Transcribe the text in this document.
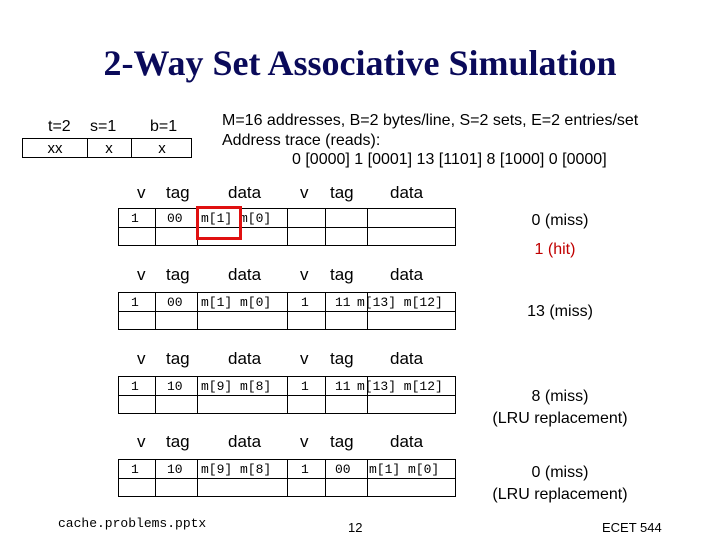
2-Way Set Associative Simulation
t=2 s=1 b=1
xx	x	x
M=16 addresses, B=2 bytes/line, S=2 sets, E=2 entries/set
Address trace (reads):
0 [0000] 1 [0001] 13 [1101] 8 [1000] 0 [0000]
v tag data v tag data
1 00 m[1] m[0]	0 (miss)
1 (hit)
v tag data v tag data
1 00 m[1] m[0] 1 11 m[13] m[12]
13 (miss)
v tag data v tag data
1 10 m[9] m[8] 1 11 m[13] m[12]
8 (miss)
(LRU replacement)
v tag data v tag data
1 10 m[9] m[8] 1 00 m[1] m[0]	0 (miss)
(LRU replacement)
cache.problems.pptx	12	ECET 544
